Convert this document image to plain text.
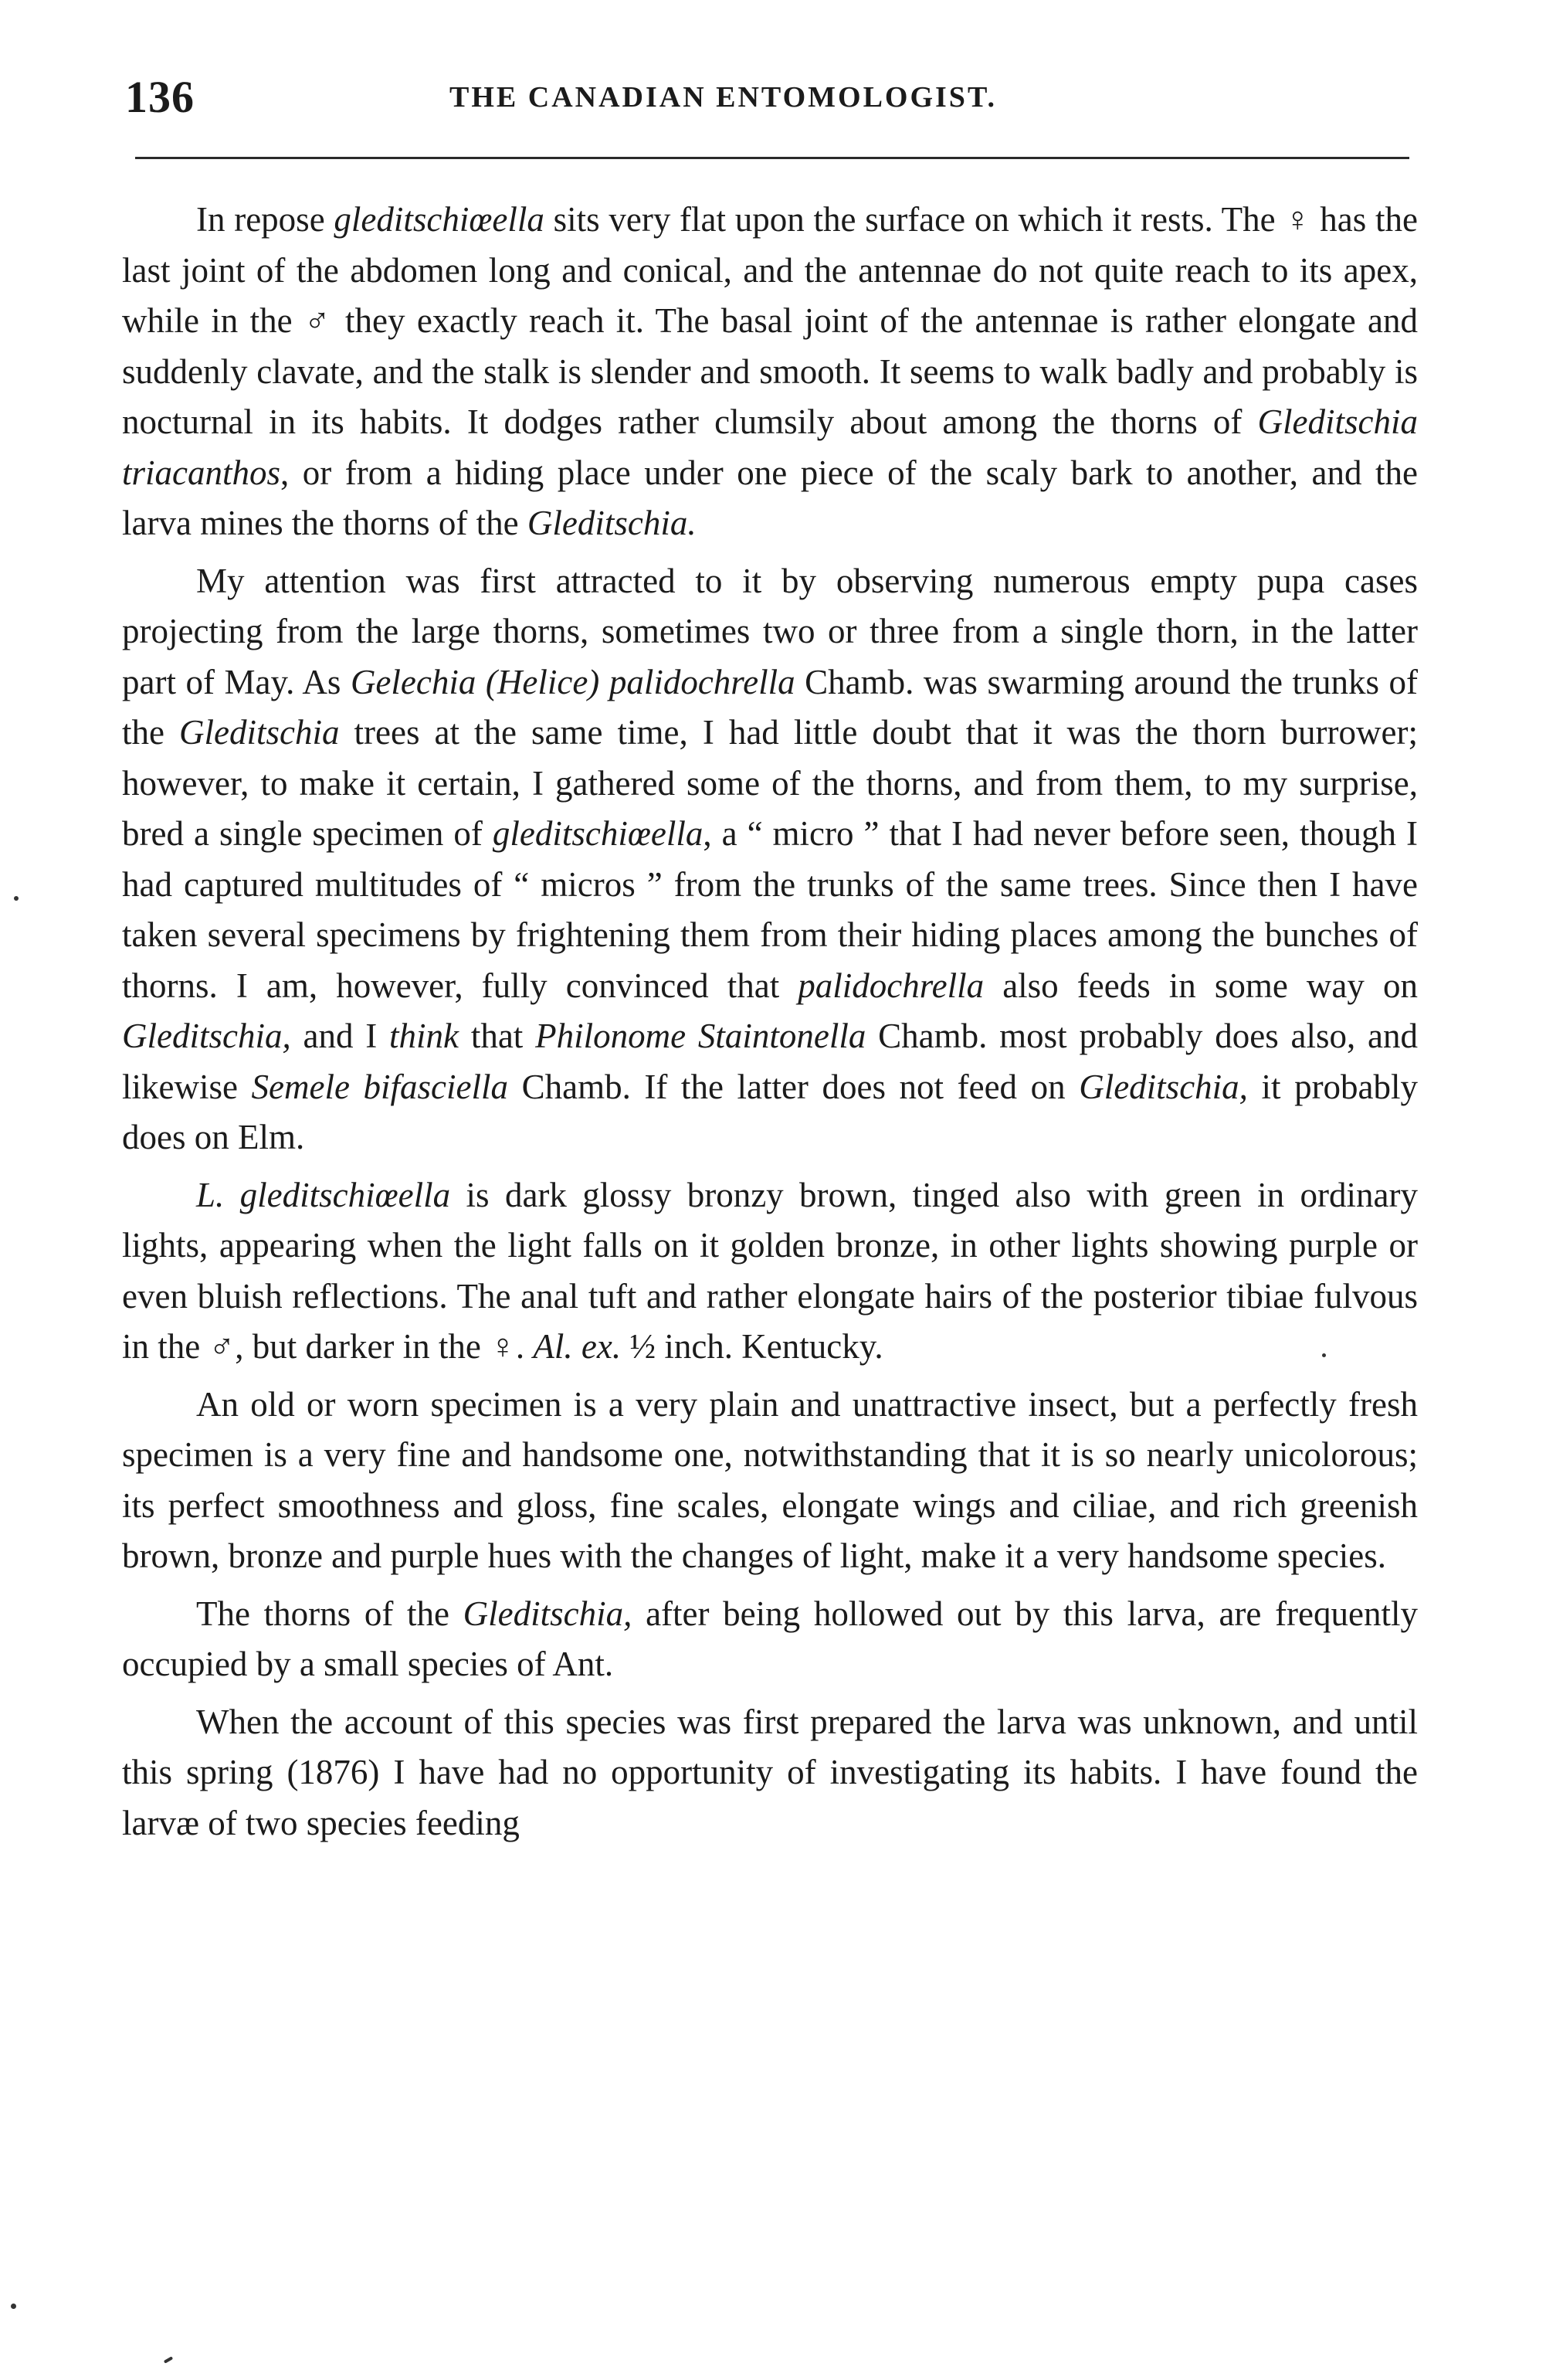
136	THE CANADIAN ENTOMOLOGIST.

In repose gleditschiœella sits very flat upon the surface on which it rests. The ♀ has the last joint of the abdomen long and conical, and the antennae do not quite reach to its apex, while in the ♂ they exactly reach it. The basal joint of the antennae is rather elongate and suddenly clavate, and the stalk is slender and smooth. It seems to walk badly and probably is nocturnal in its habits. It dodges rather clumsily about among the thorns of Gleditschia triacanthos, or from a hiding place under one piece of the scaly bark to another, and the larva mines the thorns of the Gleditschia.

My attention was first attracted to it by observing numerous empty pupa cases projecting from the large thorns, sometimes two or three from a single thorn, in the latter part of May. As Gelechia (Helice) palidochrella Chamb. was swarming around the trunks of the Gleditschia trees at the same time, I had little doubt that it was the thorn burrower; however, to make it certain, I gathered some of the thorns, and from them, to my surprise, bred a single specimen of gleditschiœella, a “ micro ” that I had never before seen, though I had captured multitudes of “ micros ” from the trunks of the same trees. Since then I have taken several specimens by frightening them from their hiding places among the bunches of thorns. I am, however, fully convinced that palidochrella also feeds in some way on Gleditschia, and I think that Philonome Staintonella Chamb. most probably does also, and likewise Semele bifasciella Chamb. If the latter does not feed on Gleditschia, it probably does on Elm.

L. gleditschiœella is dark glossy bronzy brown, tinged also with green in ordinary lights, appearing when the light falls on it golden bronze, in other lights showing purple or even bluish reflections. The anal tuft and rather elongate hairs of the posterior tibiae fulvous in the ♂, but darker in the ♀. Al. ex. ½ inch. Kentucky.

An old or worn specimen is a very plain and unattractive insect, but a perfectly fresh specimen is a very fine and handsome one, notwithstanding that it is so nearly unicolorous; its perfect smoothness and gloss, fine scales, elongate wings and ciliae, and rich greenish brown, bronze and purple hues with the changes of light, make it a very handsome species.

The thorns of the Gleditschia, after being hollowed out by this larva, are frequently occupied by a small species of Ant.

When the account of this species was first prepared the larva was unknown, and until this spring (1876) I have had no opportunity of investigating its habits. I have found the larvæ of two species feeding
